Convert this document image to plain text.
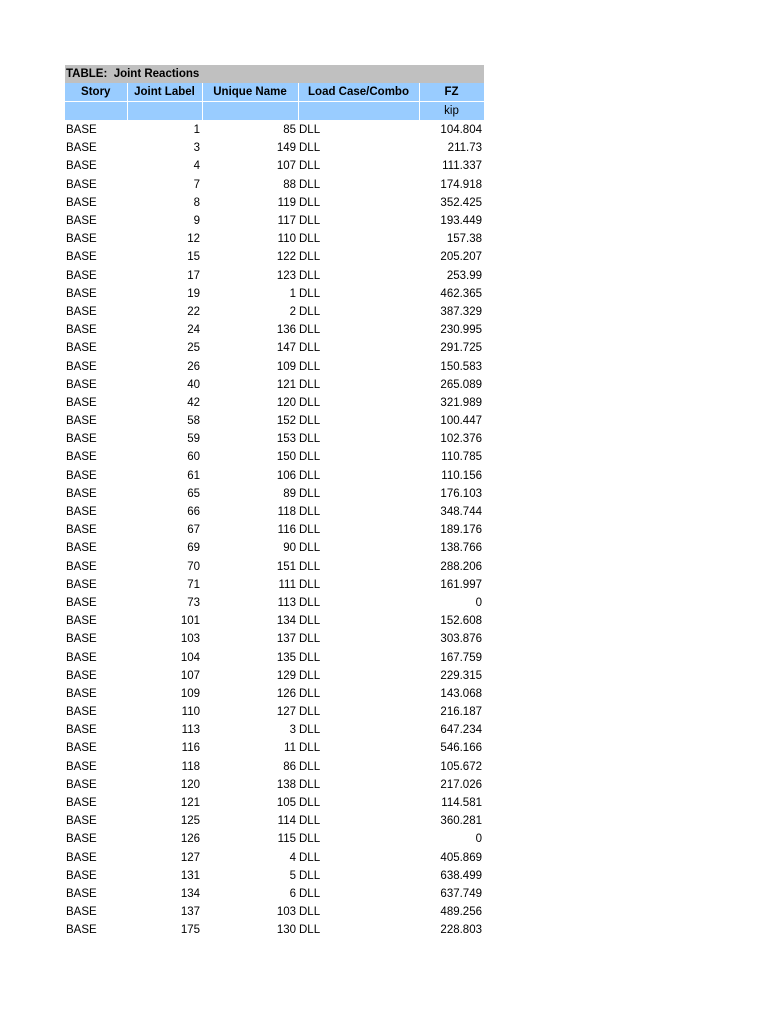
TABLE:  Joint Reactions
Story	Joint Label	Unique Name	Load Case/Combo	FZ
				kip
BASE	1	85	DLL	104.804
BASE	3	149	DLL	211.73
BASE	4	107	DLL	111.337
BASE	7	88	DLL	174.918
BASE	8	119	DLL	352.425
BASE	9	117	DLL	193.449
BASE	12	110	DLL	157.38
BASE	15	122	DLL	205.207
BASE	17	123	DLL	253.99
BASE	19	1	DLL	462.365
BASE	22	2	DLL	387.329
BASE	24	136	DLL	230.995
BASE	25	147	DLL	291.725
BASE	26	109	DLL	150.583
BASE	40	121	DLL	265.089
BASE	42	120	DLL	321.989
BASE	58	152	DLL	100.447
BASE	59	153	DLL	102.376
BASE	60	150	DLL	110.785
BASE	61	106	DLL	110.156
BASE	65	89	DLL	176.103
BASE	66	118	DLL	348.744
BASE	67	116	DLL	189.176
BASE	69	90	DLL	138.766
BASE	70	151	DLL	288.206
BASE	71	111	DLL	161.997
BASE	73	113	DLL	0
BASE	101	134	DLL	152.608
BASE	103	137	DLL	303.876
BASE	104	135	DLL	167.759
BASE	107	129	DLL	229.315
BASE	109	126	DLL	143.068
BASE	110	127	DLL	216.187
BASE	113	3	DLL	647.234
BASE	116	11	DLL	546.166
BASE	118	86	DLL	105.672
BASE	120	138	DLL	217.026
BASE	121	105	DLL	114.581
BASE	125	114	DLL	360.281
BASE	126	115	DLL	0
BASE	127	4	DLL	405.869
BASE	131	5	DLL	638.499
BASE	134	6	DLL	637.749
BASE	137	103	DLL	489.256
BASE	175	130	DLL	228.803
